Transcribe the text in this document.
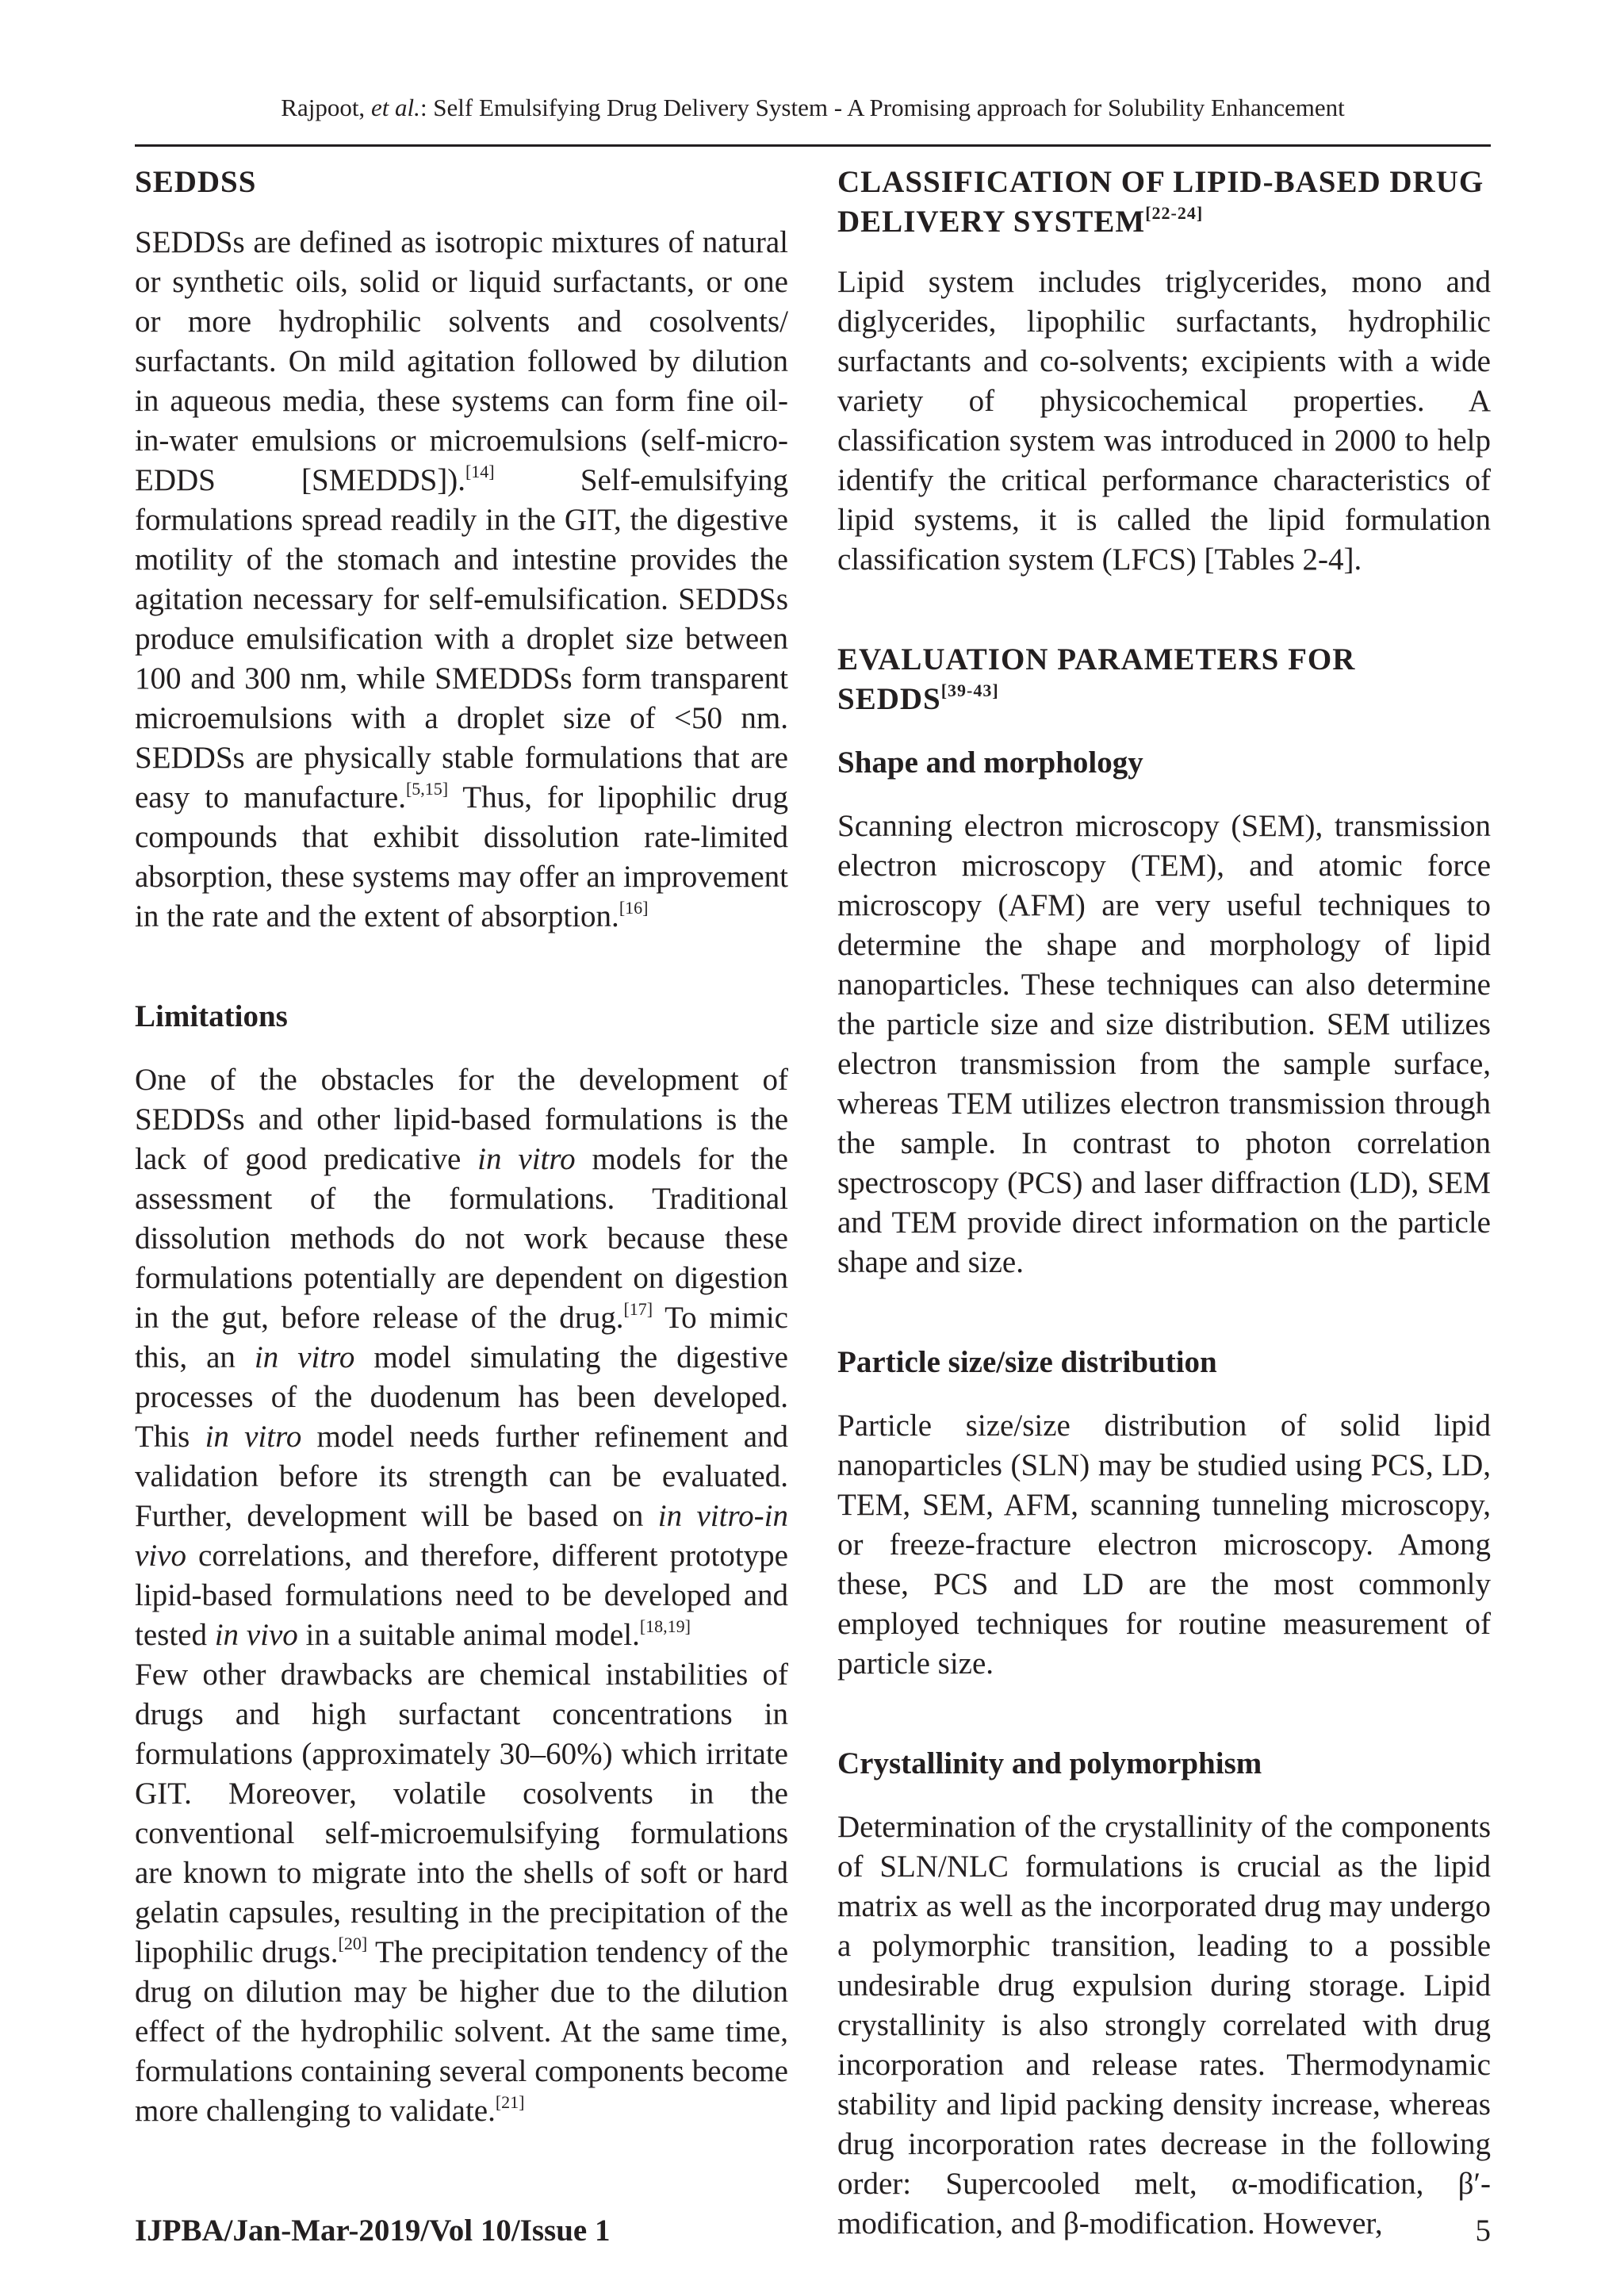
Rajpoot, et al.: Self Emulsifying Drug Delivery System - A Promising approach for Solubility Enhancement
SEDDSS

SEDDSs are defined as isotropic mixtures of natural or synthetic oils, solid or liquid surfactants, or one or more hydrophilic solvents and cosolvents/ surfactants. On mild agitation followed by dilution in aqueous media, these systems can form fine oil-in-water emulsions or microemulsions (self-micro-EDDS [SMEDDS]).[14] Self-emulsifying formulations spread readily in the GIT, the digestive motility of the stomach and intestine provides the agitation necessary for self-emulsification. SEDDSs produce emulsification with a droplet size between 100 and 300 nm, while SMEDDSs form transparent microemulsions with a droplet size of <50 nm. SEDDSs are physically stable formulations that are easy to manufacture.[5,15] Thus, for lipophilic drug compounds that exhibit dissolution rate-limited absorption, these systems may offer an improvement in the rate and the extent of absorption.[16]

Limitations

One of the obstacles for the development of SEDDSs and other lipid-based formulations is the lack of good predicative in vitro models for the assessment of the formulations. Traditional dissolution methods do not work because these formulations potentially are dependent on digestion in the gut, before release of the drug.[17] To mimic this, an in vitro model simulating the digestive processes of the duodenum has been developed. This in vitro model needs further refinement and validation before its strength can be evaluated. Further, development will be based on in vitro-in vivo correlations, and therefore, different prototype lipid-based formulations need to be developed and tested in vivo in a suitable animal model.[18,19]

Few other drawbacks are chemical instabilities of drugs and high surfactant concentrations in formulations (approximately 30–60%) which irritate GIT. Moreover, volatile cosolvents in the conventional self-microemulsifying formulations are known to migrate into the shells of soft or hard gelatin capsules, resulting in the precipitation of the lipophilic drugs.[20] The precipitation tendency of the drug on dilution may be higher due to the dilution effect of the hydrophilic solvent. At the same time, formulations containing several components become more challenging to validate.[21]

CLASSIFICATION OF LIPID-BASED DRUG DELIVERY SYSTEM[22-24]

Lipid system includes triglycerides, mono and diglycerides, lipophilic surfactants, hydrophilic surfactants and co-solvents; excipients with a wide variety of physicochemical properties. A classification system was introduced in 2000 to help identify the critical performance characteristics of lipid systems, it is called the lipid formulation classification system (LFCS) [Tables 2-4].

EVALUATION PARAMETERS FOR SEDDS[39-43]
Shape and morphology

Scanning electron microscopy (SEM), transmission electron microscopy (TEM), and atomic force microscopy (AFM) are very useful techniques to determine the shape and morphology of lipid nanoparticles. These techniques can also determine the particle size and size distribution. SEM utilizes electron transmission from the sample surface, whereas TEM utilizes electron transmission through the sample. In contrast to photon correlation spectroscopy (PCS) and laser diffraction (LD), SEM and TEM provide direct information on the particle shape and size.

Particle size/size distribution

Particle size/size distribution of solid lipid nanoparticles (SLN) may be studied using PCS, LD, TEM, SEM, AFM, scanning tunneling microscopy, or freeze-fracture electron microscopy. Among these, PCS and LD are the most commonly employed techniques for routine measurement of particle size.

Crystallinity and polymorphism

Determination of the crystallinity of the components of SLN/NLC formulations is crucial as the lipid matrix as well as the incorporated drug may undergo a polymorphic transition, leading to a possible undesirable drug expulsion during storage. Lipid crystallinity is also strongly correlated with drug incorporation and release rates. Thermodynamic stability and lipid packing density increase, whereas drug incorporation rates decrease in the following order: Supercooled melt, α-modification, β′-modification, and β-modification. However,

IJPBA/Jan-Mar-2019/Vol 10/Issue 1	5
